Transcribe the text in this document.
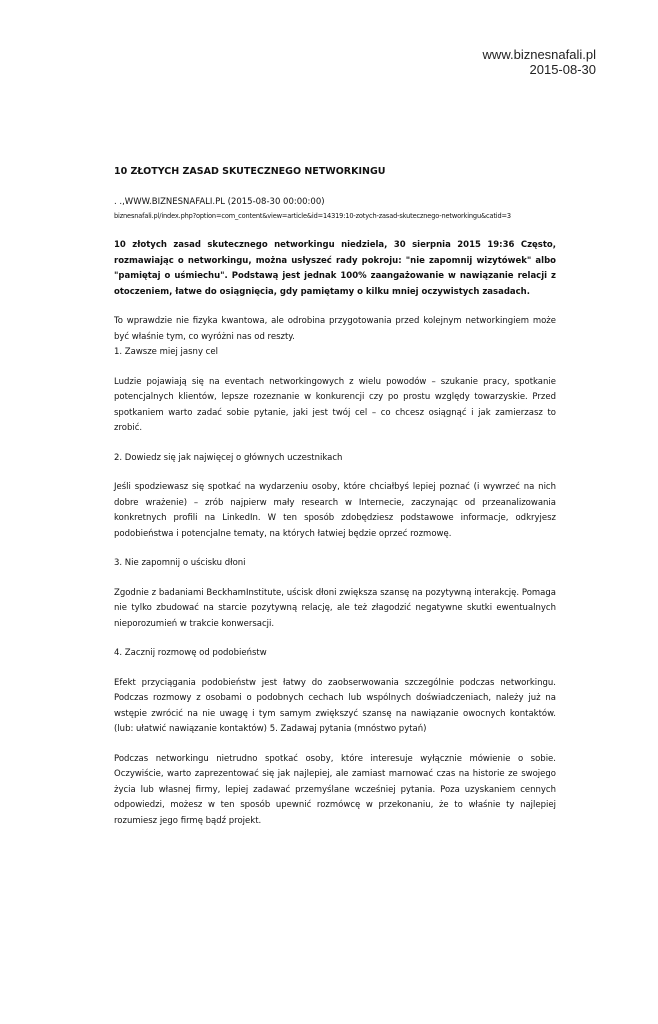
www.biznesnafali.pl
2015-08-30

10 ZŁOTYCH ZASAD SKUTECZNEGO NETWORKINGU

. .,WWW.BIZNESNAFALI.PL (2015-08-30 00:00:00)

biznesnafali.pl/index.php?option=com_content&view=article&id=14319:10-zotych-zasad-skutecznego-networkingu&catid=3

10 złotych zasad skutecznego networkingu niedziela, 30 sierpnia 2015 19:36 Często, rozmawiając o networkingu, można usłyszeć rady pokroju: "nie zapomnij wizytówek" albo "pamiętaj o uśmiechu". Podstawą jest jednak 100% zaangażowanie w nawiązanie relacji z otoczeniem, łatwe do osiągnięcia, gdy pamiętamy o kilku mniej oczywistych zasadach.

To wprawdzie nie fizyka kwantowa, ale odrobina przygotowania przed kolejnym networkingiem może być właśnie tym, co wyróżni nas od reszty.

1. Zawsze miej jasny cel

Ludzie pojawiają się na eventach networkingowych z wielu powodów – szukanie pracy, spotkanie potencjalnych klientów, lepsze rozeznanie w konkurencji czy po prostu względy towarzyskie. Przed spotkaniem warto zadać sobie pytanie, jaki jest twój cel – co chcesz osiągnąć i jak zamierzasz to zrobić.

2. Dowiedz się jak najwięcej o głównych uczestnikach

Jeśli spodziewasz się spotkać na wydarzeniu osoby, które chciałbyś lepiej poznać (i wywrzeć na nich dobre wrażenie) – zrób najpierw mały research w Internecie, zaczynając od przeanalizowania konkretnych profili na LinkedIn. W ten sposób zdobędziesz podstawowe informacje, odkryjesz podobieństwa i potencjalne tematy, na których łatwiej będzie oprzeć rozmowę.

3. Nie zapomnij o uścisku dłoni

Zgodnie z badaniami BeckhamInstitute, uścisk dłoni zwiększa szansę na pozytywną interakcję. Pomaga nie tylko zbudować na starcie pozytywną relację, ale też złagodzić negatywne skutki ewentualnych nieporozumień w trakcie konwersacji.

4. Zacznij rozmowę od podobieństw

Efekt przyciągania podobieństw jest łatwy do zaobserwowania szczególnie podczas networkingu. Podczas rozmowy z osobami o podobnych cechach lub wspólnych doświadczeniach, należy już na wstępie zwrócić na nie uwagę i tym samym zwiększyć szansę na nawiązanie owocnych kontaktów. (lub: ułatwić nawiązanie kontaktów) 5. Zadawaj pytania (mnóstwo pytań)

Podczas networkingu nietrudno spotkać osoby, które interesuje wyłącznie mówienie o sobie. Oczywiście, warto zaprezentować się jak najlepiej, ale zamiast marnować czas na historie ze swojego życia lub własnej firmy, lepiej zadawać przemyślane wcześniej pytania. Poza uzyskaniem cennych odpowiedzi, możesz w ten sposób upewnić rozmówcę w przekonaniu, że to właśnie ty najlepiej rozumiesz jego firmę bądź projekt.
